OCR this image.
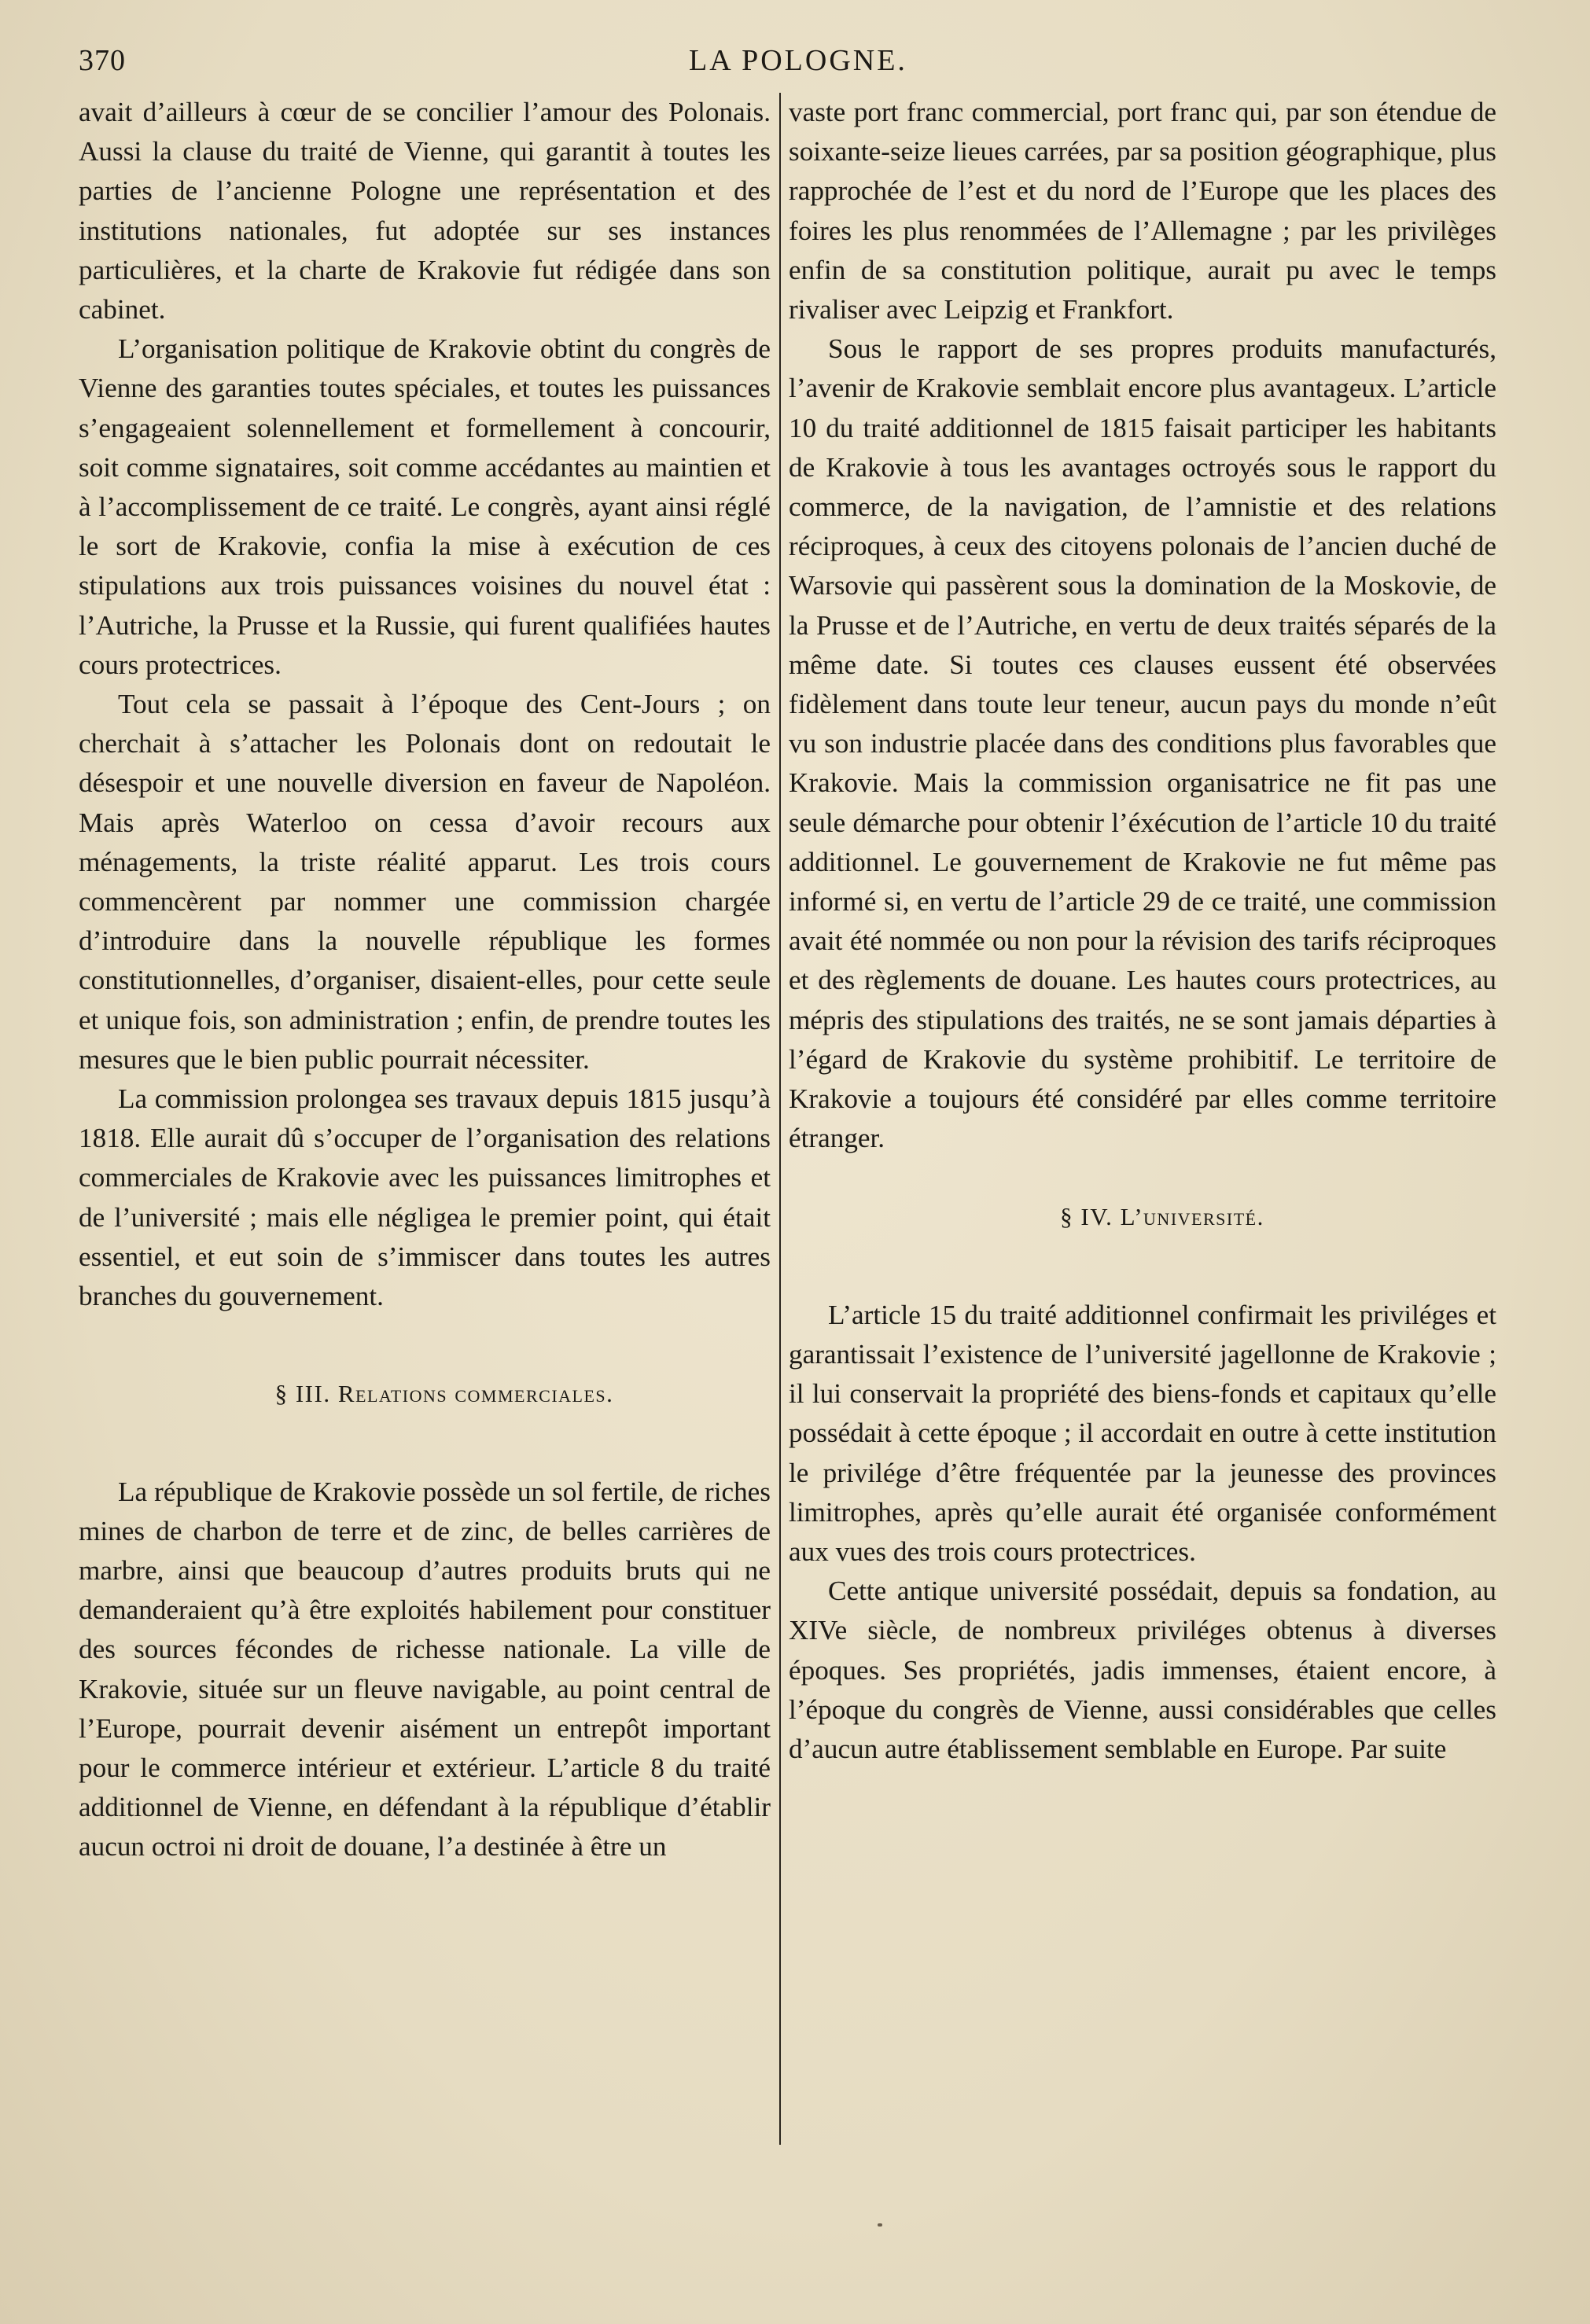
370	LA POLOGNE.

avait d’ailleurs à cœur de se concilier l’amour des Polonais. Aussi la clause du traité de Vienne, qui garantit à toutes les parties de l’ancienne Pologne une représentation et des institutions nationales, fut adoptée sur ses instances particulières, et la charte de Krakovie fut rédigée dans son cabinet.

L’organisation politique de Krakovie obtint du congrès de Vienne des garanties toutes spéciales, et toutes les puissances s’engageaient solennellement et formellement à concourir, soit comme signataires, soit comme accédantes au maintien et à l’accomplissement de ce traité. Le congrès, ayant ainsi réglé le sort de Krakovie, confia la mise à exécution de ces stipulations aux trois puissances voisines du nouvel état : l’Autriche, la Prusse et la Russie, qui furent qualifiées hautes cours protectrices.

Tout cela se passait à l’époque des Cent-Jours ; on cherchait à s’attacher les Polonais dont on redoutait le désespoir et une nouvelle diversion en faveur de Napoléon. Mais après Waterloo on cessa d’avoir recours aux ménagements, la triste réalité apparut. Les trois cours commencèrent par nommer une commission chargée d’introduire dans la nouvelle république les formes constitutionnelles, d’organiser, disaient-elles, pour cette seule et unique fois, son administration ; enfin, de prendre toutes les mesures que le bien public pourrait nécessiter.

La commission prolongea ses travaux depuis 1815 jusqu’à 1818. Elle aurait dû s’occuper de l’organisation des relations commerciales de Krakovie avec les puissances limitrophes et de l’université ; mais elle négligea le premier point, qui était essentiel, et eut soin de s’immiscer dans toutes les autres branches du gouvernement.

§ III. Relations commerciales.

La république de Krakovie possède un sol fertile, de riches mines de charbon de terre et de zinc, de belles carrières de marbre, ainsi que beaucoup d’autres produits bruts qui ne demanderaient qu’à être exploités habilement pour constituer des sources fécondes de richesse nationale. La ville de Krakovie, située sur un fleuve navigable, au point central de l’Europe, pourrait devenir aisément un entrepôt important pour le commerce intérieur et extérieur. L’article 8 du traité additionnel de Vienne, en défendant à la république d’établir aucun octroi ni droit de douane, l’a destinée à être un

vaste port franc commercial, port franc qui, par son étendue de soixante-seize lieues carrées, par sa position géographique, plus rapprochée de l’est et du nord de l’Europe que les places des foires les plus renommées de l’Allemagne ; par les privilèges enfin de sa constitution politique, aurait pu avec le temps rivaliser avec Leipzig et Frankfort.

Sous le rapport de ses propres produits manufacturés, l’avenir de Krakovie semblait encore plus avantageux. L’article 10 du traité additionnel de 1815 faisait participer les habitants de Krakovie à tous les avantages octroyés sous le rapport du commerce, de la navigation, de l’amnistie et des relations réciproques, à ceux des citoyens polonais de l’ancien duché de Warsovie qui passèrent sous la domination de la Moskovie, de la Prusse et de l’Autriche, en vertu de deux traités séparés de la même date. Si toutes ces clauses eussent été observées fidèlement dans toute leur teneur, aucun pays du monde n’eût vu son industrie placée dans des conditions plus favorables que Krakovie. Mais la commission organisatrice ne fit pas une seule démarche pour obtenir l’éxécution de l’article 10 du traité additionnel. Le gouvernement de Krakovie ne fut même pas informé si, en vertu de l’article 29 de ce traité, une commission avait été nommée ou non pour la révision des tarifs réciproques et des règlements de douane. Les hautes cours protectrices, au mépris des stipulations des traités, ne se sont jamais départies à l’égard de Krakovie du système prohibitif. Le territoire de Krakovie a toujours été considéré par elles comme territoire étranger.

§ IV. L’université.

L’article 15 du traité additionnel confirmait les priviléges et garantissait l’existence de l’université jagellonne de Krakovie ; il lui conservait la propriété des biens-fonds et capitaux qu’elle possédait à cette époque ; il accordait en outre à cette institution le privilége d’être fréquentée par la jeunesse des provinces limitrophes, après qu’elle aurait été organisée conformément aux vues des trois cours protectrices.

Cette antique université possédait, depuis sa fondation, au XIVe siècle, de nombreux priviléges obtenus à diverses époques. Ses propriétés, jadis immenses, étaient encore, à l’époque du congrès de Vienne, aussi considérables que celles d’aucun autre établissement semblable en Europe. Par suite
